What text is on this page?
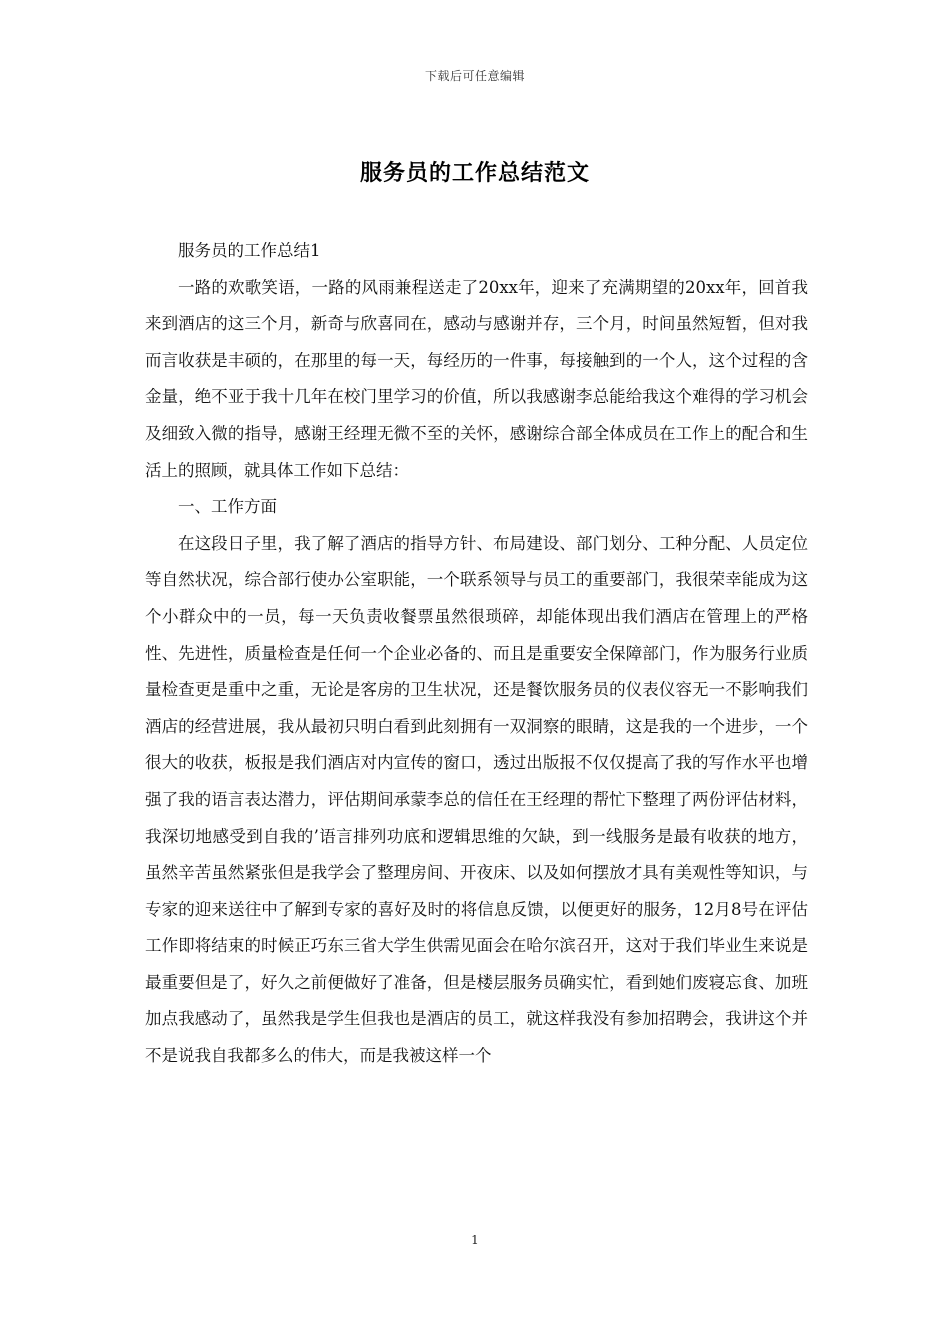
下载后可任意编辑
服务员的工作总结范文

服务员的工作总结1

一路的欢歌笑语，一路的风雨兼程送走了20xx年，迎来了充满期望的20xx年，回首我来到酒店的这三个月，新奇与欣喜同在，感动与感谢并存，三个月，时间虽然短暂，但对我而言收获是丰硕的，在那里的每一天，每经历的一件事，每接触到的一个人，这个过程的含金量，绝不亚于我十几年在校门里学习的价值，所以我感谢李总能给我这个难得的学习机会及细致入微的指导，感谢王经理无微不至的关怀，感谢综合部全体成员在工作上的配合和生活上的照顾，就具体工作如下总结：

一、工作方面

在这段日子里，我了解了酒店的指导方针、布局建设、部门划分、工种分配、人员定位等自然状况，综合部行使办公室职能，一个联系领导与员工的重要部门，我很荣幸能成为这个小群众中的一员，每一天负责收餐票虽然很琐碎，却能体现出我们酒店在管理上的严格性、先进性，质量检查是任何一个企业必备的、而且是重要安全保障部门，作为服务行业质量检查更是重中之重，无论是客房的卫生状况，还是餐饮服务员的仪表仪容无一不影响我们酒店的经营进展，我从最初只明白看到此刻拥有一双洞察的眼睛，这是我的一个进步，一个很大的收获，板报是我们酒店对内宣传的窗口，透过出版报不仅仅提高了我的写作水平也增强了我的语言表达潜力，评估期间承蒙李总的信任在王经理的帮忙下整理了两份评估材料，我深切地感受到自我的’语言排列功底和逻辑思维的欠缺，到一线服务是最有收获的地方，虽然辛苦虽然紧张但是我学会了整理房间、开夜床、以及如何摆放才具有美观性等知识，与专家的迎来送往中了解到专家的喜好及时的将信息反馈，以便更好的服务，12月8号在评估工作即将结束的时候正巧东三省大学生供需见面会在哈尔滨召开，这对于我们毕业生来说是最重要但是了，好久之前便做好了准备，但是楼层服务员确实忙，看到她们废寝忘食、加班加点我感动了，虽然我是学生但我也是酒店的员工，就这样我没有参加招聘会，我讲这个并不是说我自我都多么的伟大，而是我被这样一个

1
